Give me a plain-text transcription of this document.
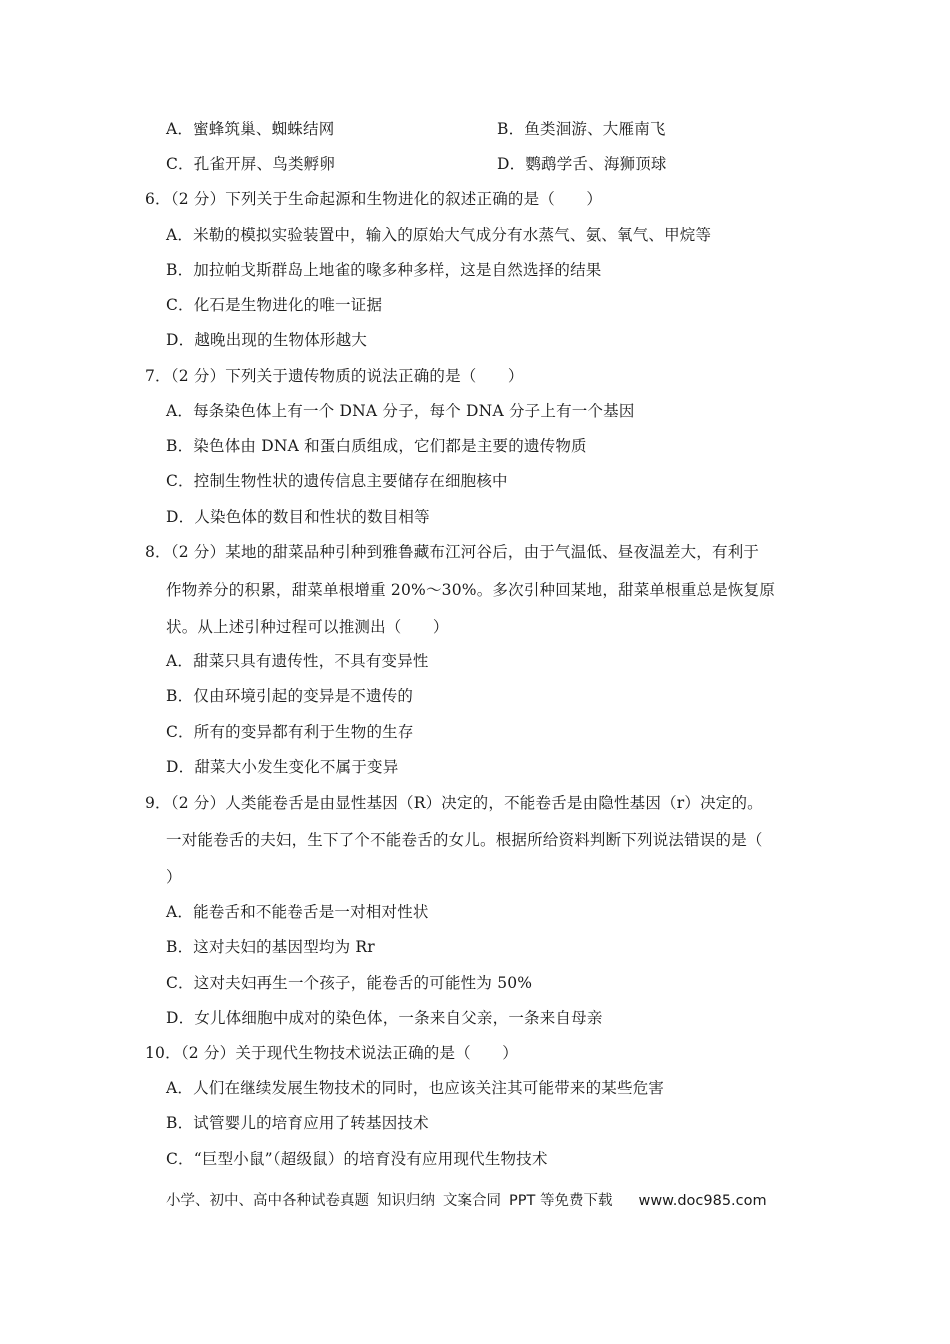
A．蜜蜂筑巢、蜘蛛结网	B．鱼类洄游、大雁南飞
C．孔雀开屏、鸟类孵卵	D．鹦鹉学舌、海狮顶球
6．（2 分）下列关于生命起源和生物进化的叙述正确的是（　　）
A．米勒的模拟实验装置中，输入的原始大气成分有水蒸气、氨、氧气、甲烷等
B．加拉帕戈斯群岛上地雀的喙多种多样，这是自然选择的结果
C．化石是生物进化的唯一证据
D．越晚出现的生物体形越大
7．（2 分）下列关于遗传物质的说法正确的是（　　）
A．每条染色体上有一个 DNA 分子，每个 DNA 分子上有一个基因
B．染色体由 DNA 和蛋白质组成，它们都是主要的遗传物质
C．控制生物性状的遗传信息主要储存在细胞核中
D．人染色体的数目和性状的数目相等
8．（2 分）某地的甜菜品种引种到雅鲁藏布江河谷后，由于气温低、昼夜温差大，有利于
作物养分的积累，甜菜单根增重 20%～30%。多次引种回某地，甜菜单根重总是恢复原
状。从上述引种过程可以推测出（　　）
A．甜菜只具有遗传性，不具有变异性
B．仅由环境引起的变异是不遗传的
C．所有的变异都有利于生物的生存
D．甜菜大小发生变化不属于变异
9．（2 分）人类能卷舌是由显性基因（R）决定的，不能卷舌是由隐性基因（r）决定的。
一对能卷舌的夫妇，生下了个不能卷舌的女儿。根据所给资料判断下列说法错误的是（
）
A．能卷舌和不能卷舌是一对相对性状
B．这对夫妇的基因型均为 Rr
C．这对夫妇再生一个孩子，能卷舌的可能性为 50%
D．女儿体细胞中成对的染色体，一条来自父亲，一条来自母亲
10．（2 分）关于现代生物技术说法正确的是（　　）
A．人们在继续发展生物技术的同时，也应该关注其可能带来的某些危害
B．试管婴儿的培育应用了转基因技术
C．“巨型小鼠”（超级鼠）的培育没有应用现代生物技术
小学、初中、高中各种试卷真题 知识归纳 文案合同 PPT 等免费下载 www.doc985.com
